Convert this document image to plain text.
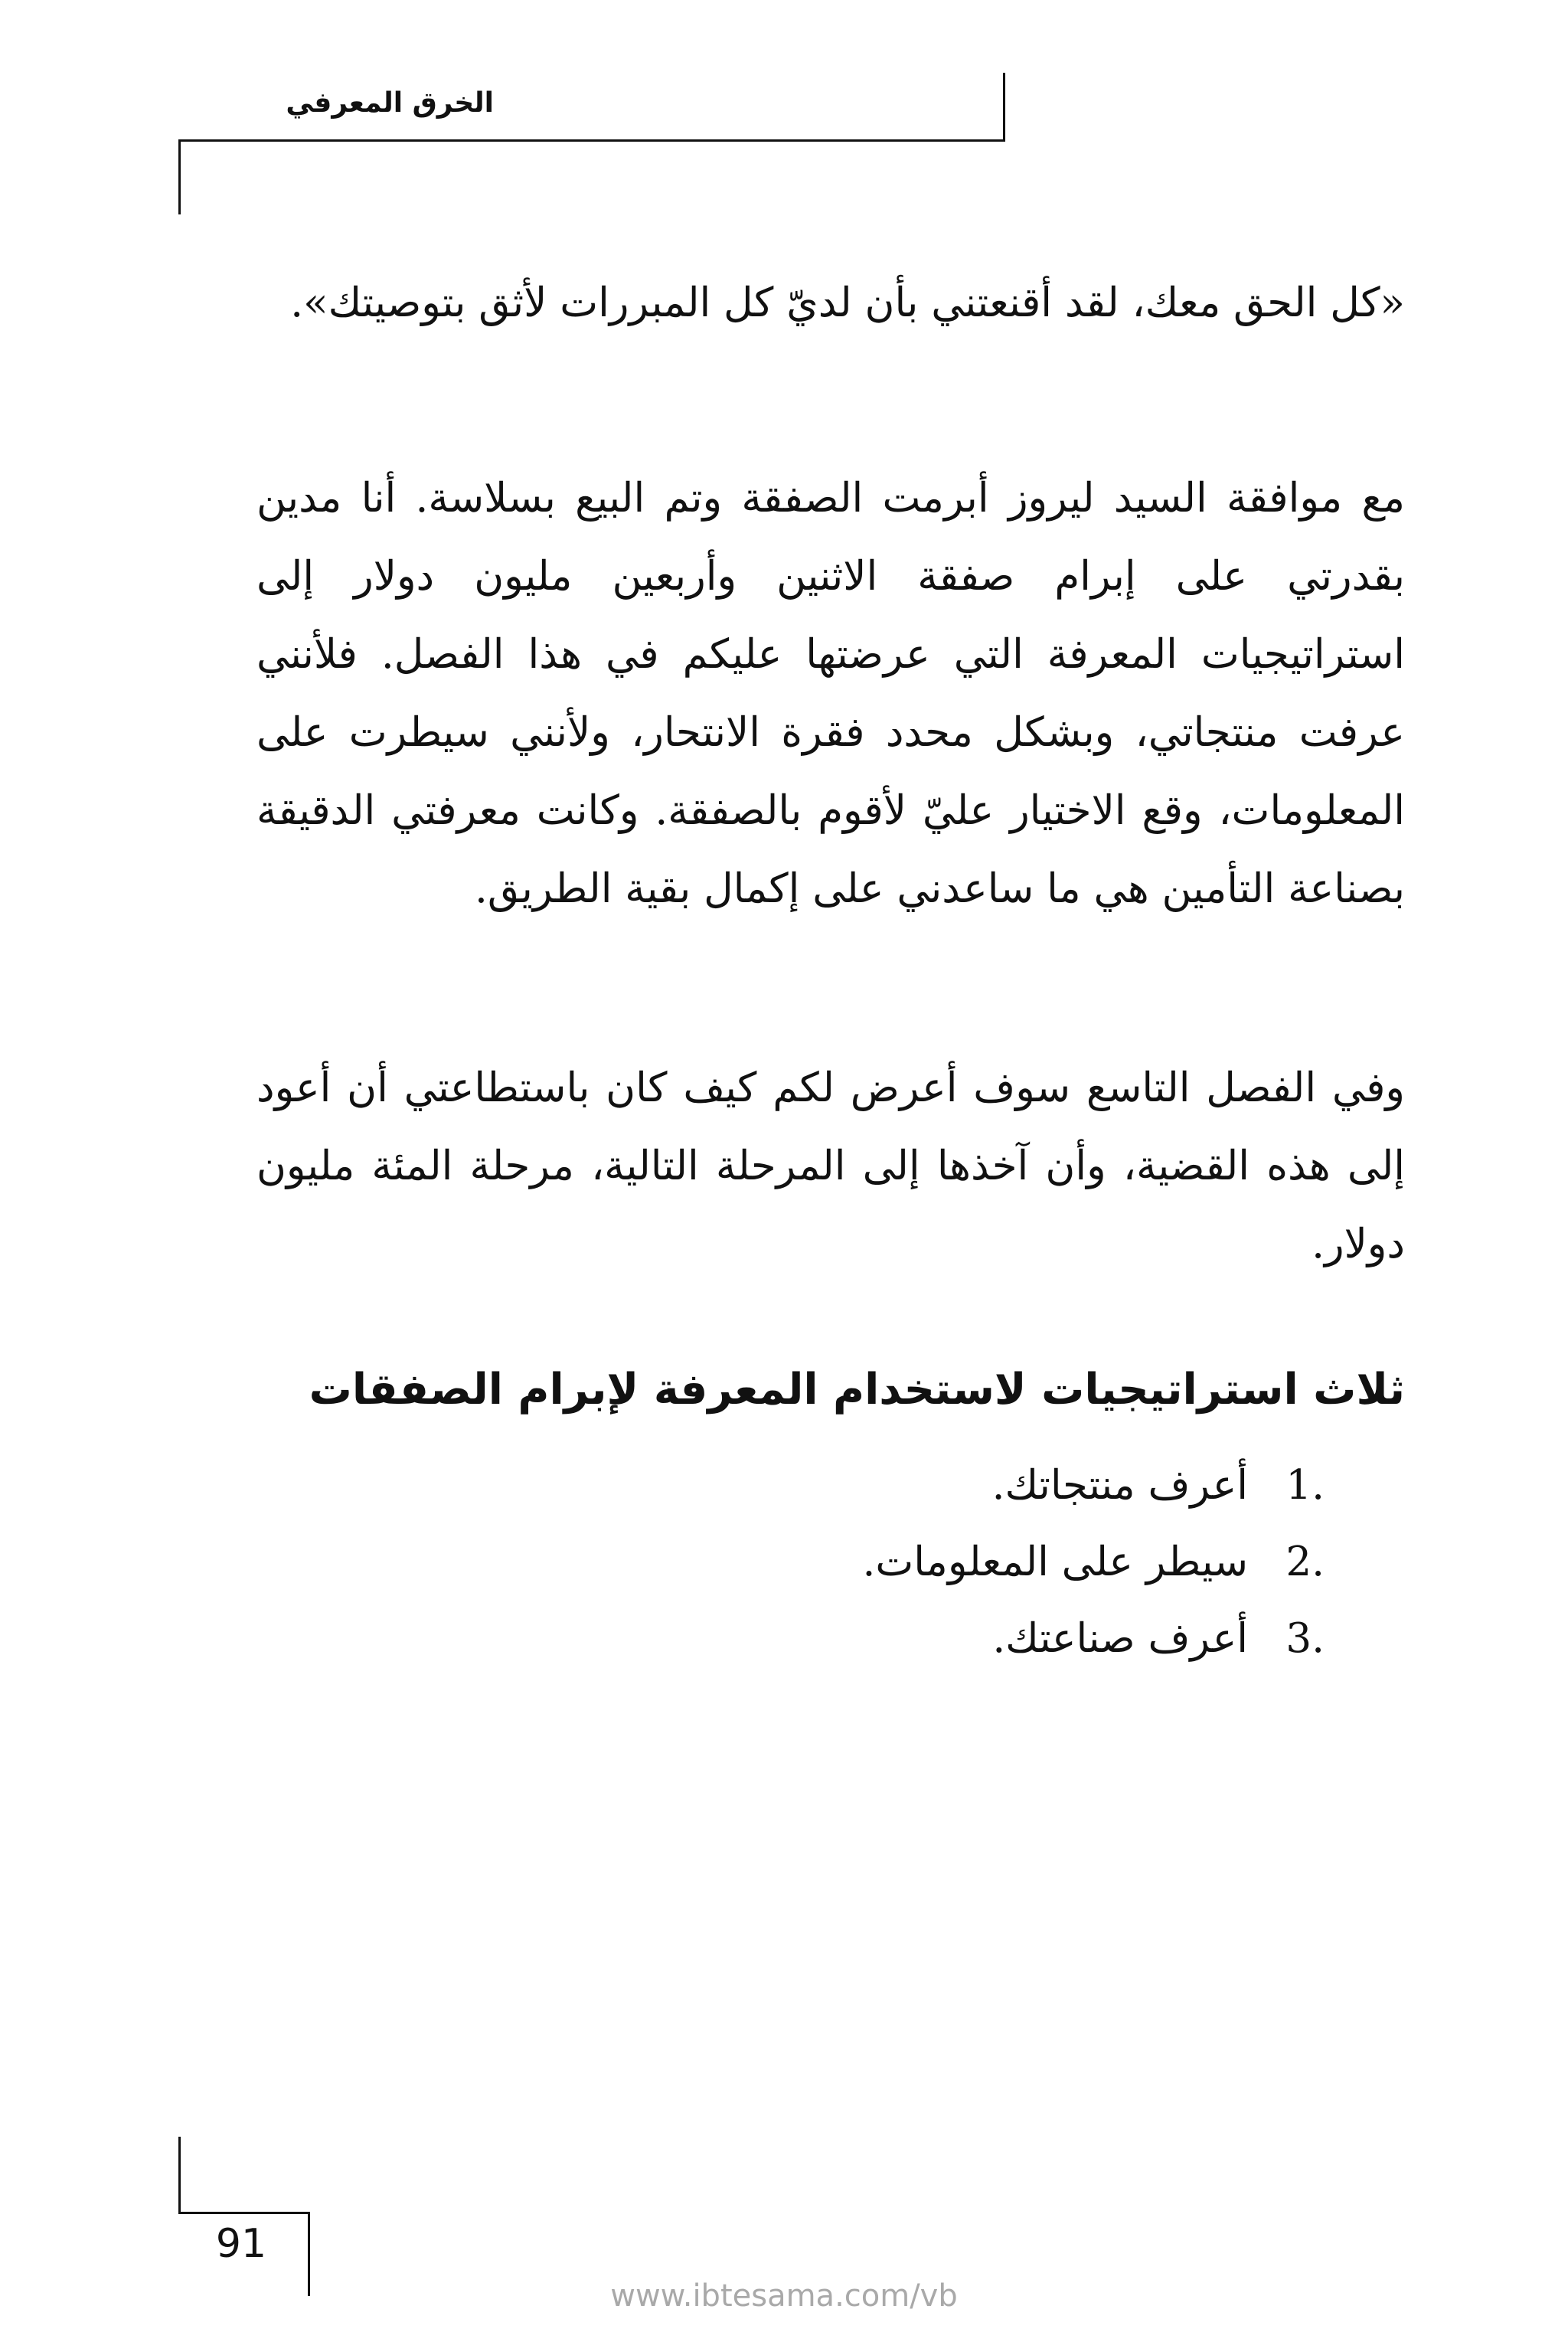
الخرق المعرفي

«كل الحق معك، لقد أقنعتني بأن لديّ كل المبررات لأثق بتوصيتك».

مع موافقة السيد ليروز أبرمت الصفقة وتم البيع بسلاسة. أنا مدين بقدرتي على إبرام صفقة الاثنين وأربعين مليون دولار إلى استراتيجيات المعرفة التي عرضتها عليكم في هذا الفصل. فلأنني عرفت منتجاتي، وبشكل محدد فقرة الانتحار، ولأنني سيطرت على المعلومات، وقع الاختيار عليّ لأقوم بالصفقة. وكانت معرفتي الدقيقة بصناعة التأمين هي ما ساعدني على إكمال بقية الطريق.

وفي الفصل التاسع سوف أعرض لكم كيف كان باستطاعتي أن أعود إلى هذه القضية، وأن آخذها إلى المرحلة التالية، مرحلة المئة مليون دولار.

ثلاث استراتيجيات لاستخدام المعرفة لإبرام الصفقات
1.
أعرف منتجاتك.
2.
سيطر على المعلومات.
3.
أعرف صناعتك.
91
www.ibtesama.com/vb
